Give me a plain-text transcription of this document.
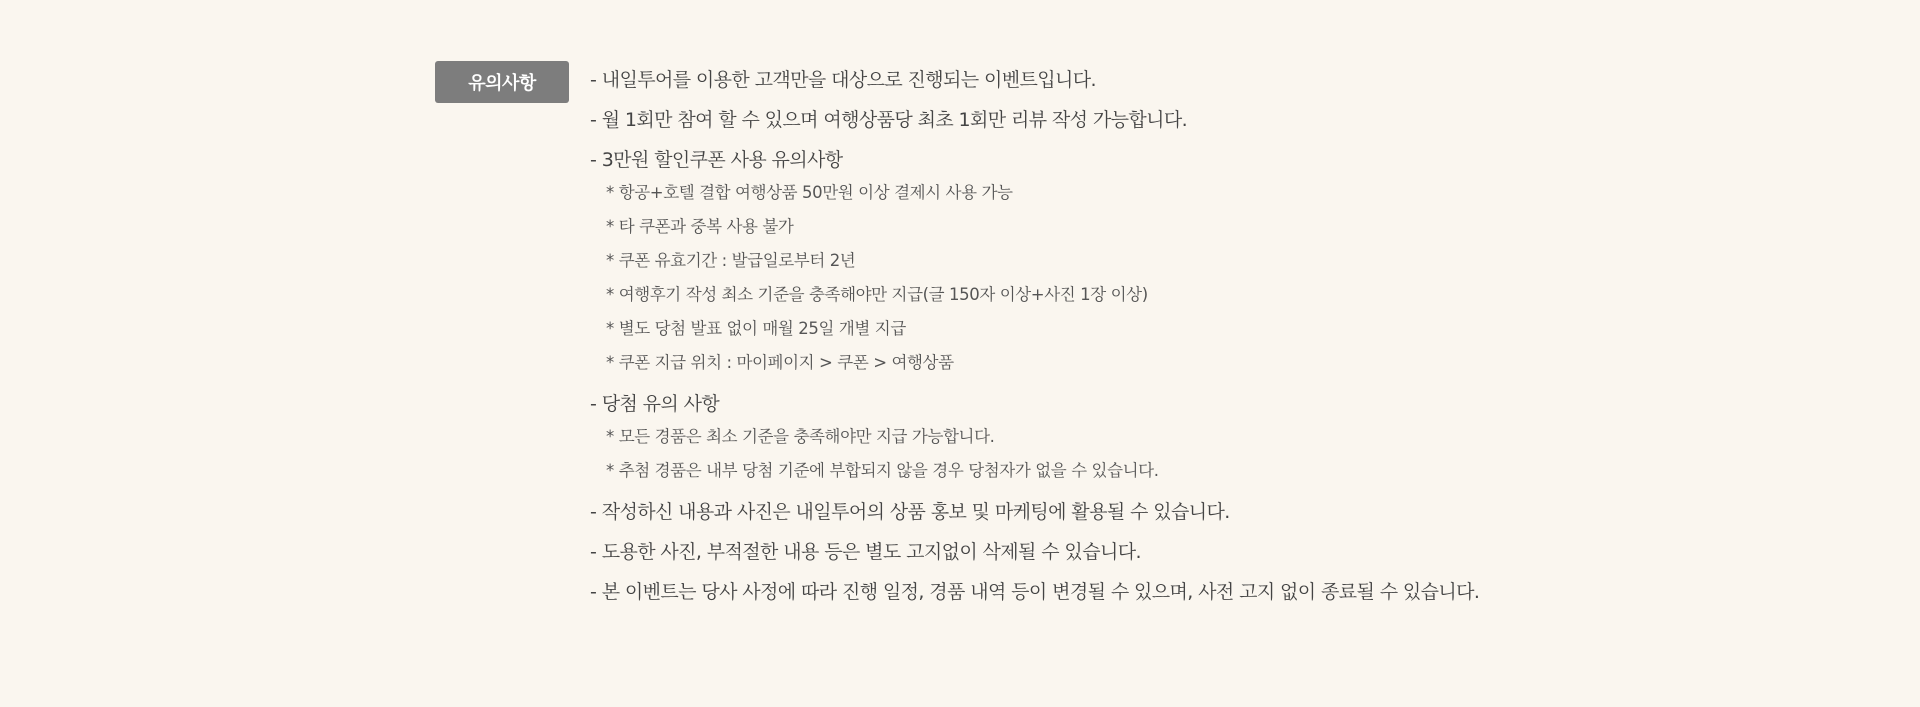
유의사항	- 내일투어를 이용한 고객만을 대상으로 진행되는 이벤트입니다.
- 월 1회만 참여 할 수 있으며 여행상품당 최초 1회만 리뷰 작성 가능합니다.
- 3만원 할인쿠폰 사용 유의사항
* 항공+호텔 결합 여행상품 50만원 이상 결제시 사용 가능
* 타 쿠폰과 중복 사용 불가
* 쿠폰 유효기간 : 발급일로부터 2년
* 여행후기 작성 최소 기준을 충족해야만 지급(글 150자 이상+사진 1장 이상)
* 별도 당첨 발표 없이 매월 25일 개별 지급
* 쿠폰 지급 위치 : 마이페이지 > 쿠폰 > 여행상품
- 당첨 유의 사항
* 모든 경품은 최소 기준을 충족해야만 지급 가능합니다.
* 추첨 경품은 내부 당첨 기준에 부합되지 않을 경우 당첨자가 없을 수 있습니다.
- 작성하신 내용과 사진은 내일투어의 상품 홍보 및 마케팅에 활용될 수 있습니다.
- 도용한 사진, 부적절한 내용 등은 별도 고지없이 삭제될 수 있습니다.
- 본 이벤트는 당사 사정에 따라 진행 일정, 경품 내역 등이 변경될 수 있으며, 사전 고지 없이 종료될 수 있습니다.
